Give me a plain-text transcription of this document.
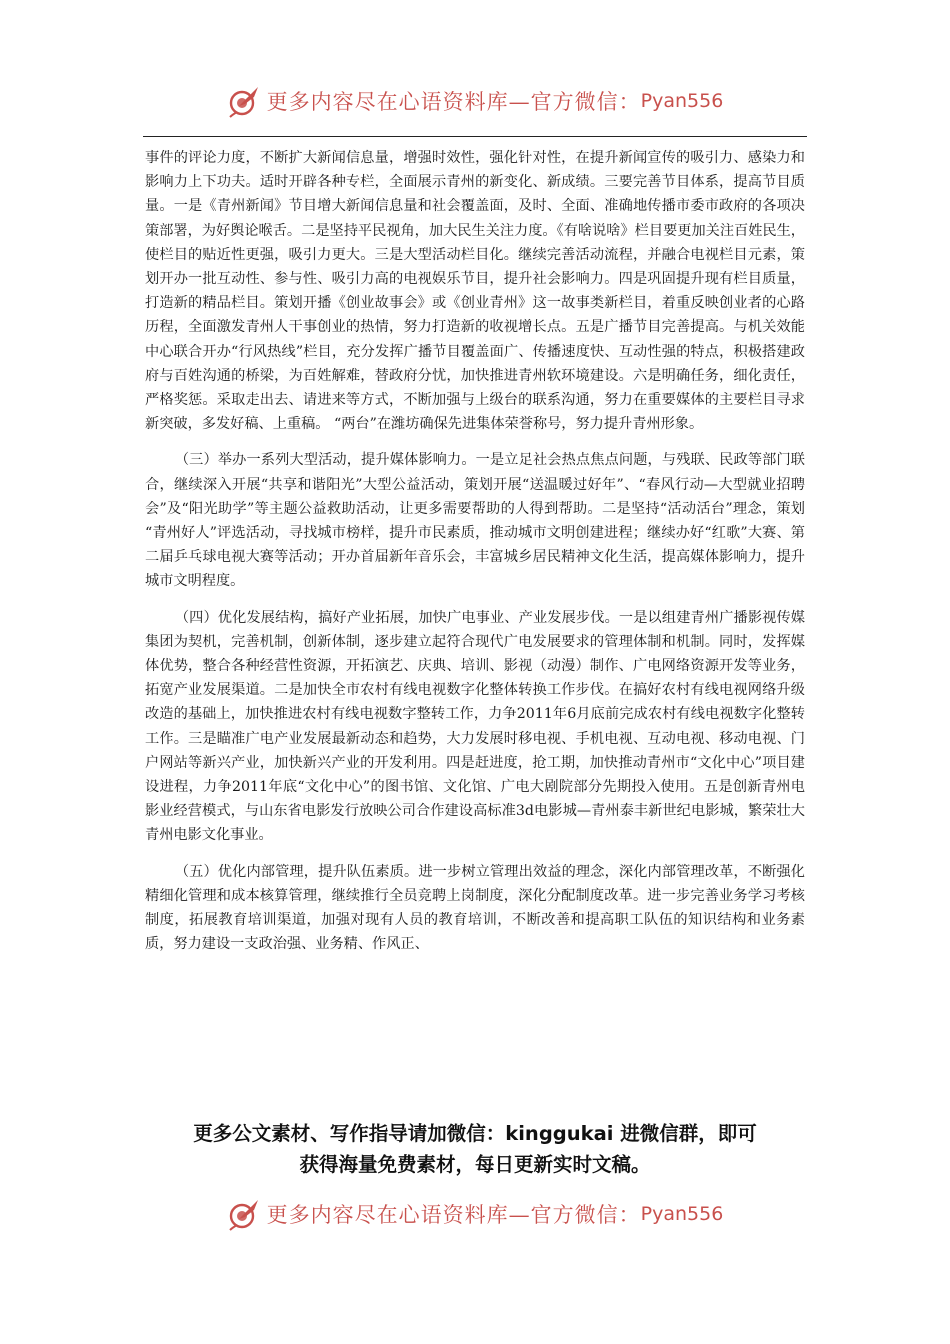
更多内容尽在心语资料库—官方微信： Pyan556

事件的评论力度，不断扩大新闻信息量，增强时效性，强化针对性，在提升新闻宣传的吸引力、感染力和影响力上下功夫。适时开辟各种专栏，全面展示青州的新变化、新成绩。三要完善节目体系，提高节目质量。一是《青州新闻》节目增大新闻信息量和社会覆盖面，及时、全面、准确地传播市委市政府的各项决策部署，为好舆论喉舌。二是坚持平民视角，加大民生关注力度。《有啥说啥》栏目要更加关注百姓民生，使栏目的贴近性更强，吸引力更大。三是大型活动栏目化。继续完善活动流程，并融合电视栏目元素，策划开办一批互动性、参与性、吸引力高的电视娱乐节目，提升社会影响力。四是巩固提升现有栏目质量，打造新的精品栏目。策划开播《创业故事会》或《创业青州》这一故事类新栏目，着重反映创业者的心路历程，全面激发青州人干事创业的热情，努力打造新的收视增长点。五是广播节目完善提高。与机关效能中心联合开办“行风热线”栏目，充分发挥广播节目覆盖面广、传播速度快、互动性强的特点，积极搭建政府与百姓沟通的桥梁，为百姓解难，替政府分忧，加快推进青州软环境建设。六是明确任务，细化责任，严格奖惩。采取走出去、请进来等方式，不断加强与上级台的联系沟通，努力在重要媒体的主要栏目寻求新突破，多发好稿、上重稿。 “两台”在潍坊确保先进集体荣誉称号，努力提升青州形象。

（三）举办一系列大型活动，提升媒体影响力。一是立足社会热点焦点问题，与残联、民政等部门联合，继续深入开展“共享和谐阳光”大型公益活动，策划开展“送温暖过好年”、“春风行动—大型就业招聘会”及“阳光助学”等主题公益救助活动，让更多需要帮助的人得到帮助。二是坚持“活动活台”理念，策划 “青州好人”评选活动，寻找城市榜样，提升市民素质，推动城市文明创建进程；继续办好“红歌”大赛、第二届乒乓球电视大赛等活动；开办首届新年音乐会，丰富城乡居民精神文化生活，提高媒体影响力，提升城市文明程度。

（四）优化发展结构，搞好产业拓展，加快广电事业、产业发展步伐。一是以组建青州广播影视传媒集团为契机，完善机制，创新体制，逐步建立起符合现代广电发展要求的管理体制和机制。同时，发挥媒体优势，整合各种经营性资源，开拓演艺、庆典、培训、影视（动漫）制作、广电网络资源开发等业务，拓宽产业发展渠道。二是加快全市农村有线电视数字化整体转换工作步伐。在搞好农村有线电视网络升级改造的基础上，加快推进农村有线电视数字整转工作，力争2011年6月底前完成农村有线电视数字化整转工作。三是瞄准广电产业发展最新动态和趋势，大力发展时移电视、手机电视、互动电视、移动电视、门户网站等新兴产业，加快新兴产业的开发利用。四是赶进度，抢工期，加快推动青州市“文化中心”项目建设进程，力争2011年底“文化中心”的图书馆、文化馆、广电大剧院部分先期投入使用。五是创新青州电影业经营模式，与山东省电影发行放映公司合作建设高标准3d电影城—青州泰丰新世纪电影城，繁荣壮大青州电影文化事业。

（五）优化内部管理，提升队伍素质。进一步树立管理出效益的理念，深化内部管理改革，不断强化精细化管理和成本核算管理，继续推行全员竞聘上岗制度，深化分配制度改革。进一步完善业务学习考核制度，拓展教育培训渠道，加强对现有人员的教育培训，不断改善和提高职工队伍的知识结构和业务素质，努力建设一支政治强、业务精、作风正、

更多公文素材、写作指导请加微信：kinggukai 进微信群，即可
获得海量免费素材，每日更新实时文稿。
更多内容尽在心语资料库—官方微信： Pyan556
